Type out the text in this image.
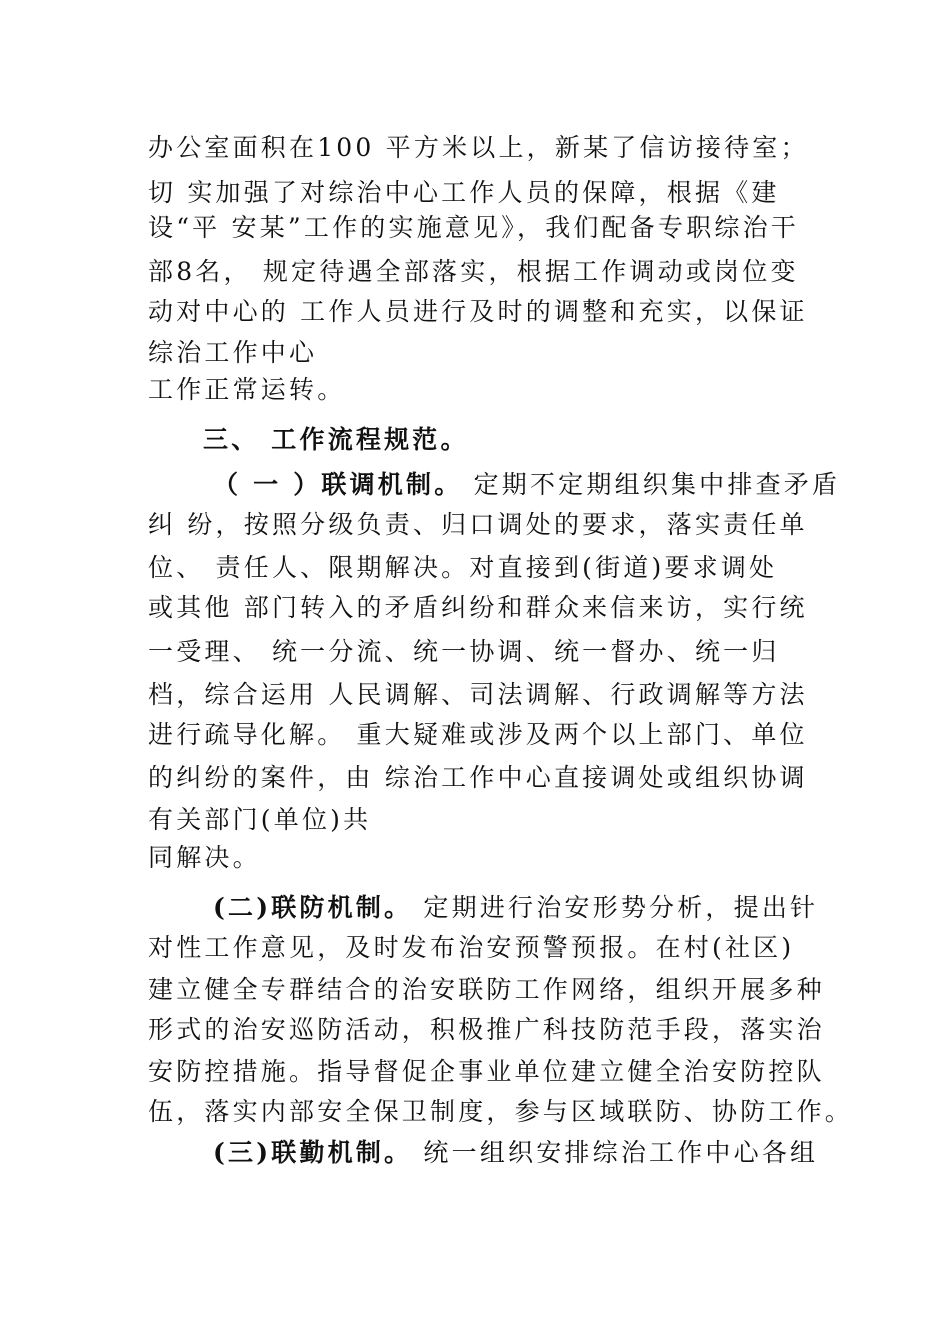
办公室面积在100 平方米以上，新某了信访接待室；
切 实加强了对综治中心工作人员的保障，根据《建
设“平 安某”工作的实施意见》，我们配备专职综治干
部8名， 规定待遇全部落实，根据工作调动或岗位变
动对中心的 工作人员进行及时的调整和充实，以保证
综治工作中心
工作正常运转。
三、 工作流程规范。
（ 一 ）联调机制。 定期不定期组织集中排查矛盾
纠 纷，按照分级负责、归口调处的要求，落实责任单
位、 责任人、限期解决。对直接到(街道)要求调处
或其他 部门转入的矛盾纠纷和群众来信来访，实行统
一受理、 统一分流、统一协调、统一督办、统一归
档，综合运用 人民调解、司法调解、行政调解等方法
进行疏导化解。 重大疑难或涉及两个以上部门、单位
的纠纷的案件，由 综治工作中心直接调处或组织协调
有关部门(单位)共
同解决。
(二)联防机制。 定期进行治安形势分析，提出针
对性工作意见，及时发布治安预警预报。在村(社区)
建立健全专群结合的治安联防工作网络，组织开展多种
形式的治安巡防活动，积极推广科技防范手段，落实治
安防控措施。指导督促企事业单位建立健全治安防控队
伍，落实内部安全保卫制度，参与区域联防、协防工作。
(三)联勤机制。 统一组织安排综治工作中心各组
